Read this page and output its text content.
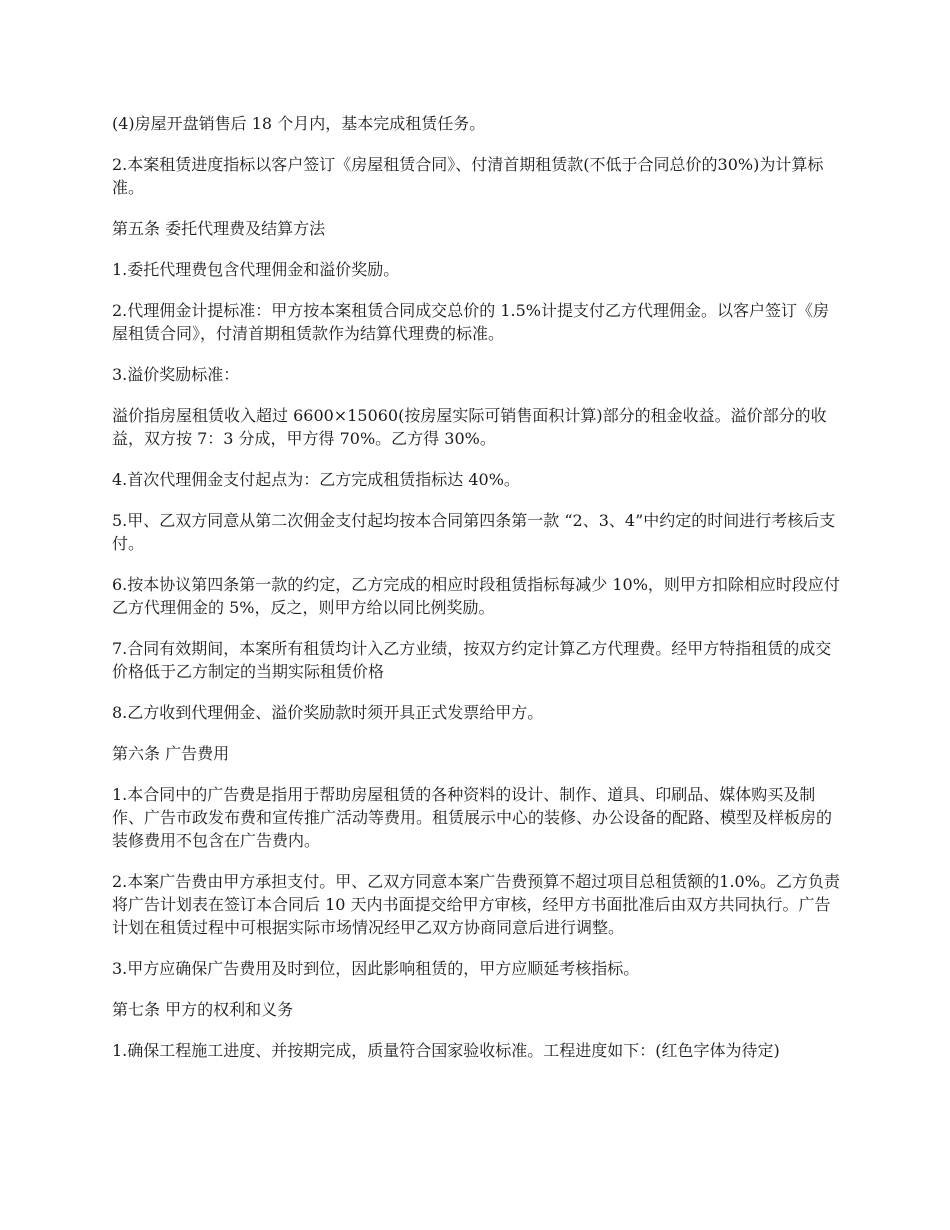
(4)房屋开盘销售后 18 个月内，基本完成租赁任务。

2.本案租赁进度指标以客户签订《房屋租赁合同》、付清首期租赁款(不低于合同总价的30%)为计算标准。

第五条 委托代理费及结算方法

1.委托代理费包含代理佣金和溢价奖励。

2.代理佣金计提标准：甲方按本案租赁合同成交总价的 1.5%计提支付乙方代理佣金。以客户签订《房屋租赁合同》，付清首期租赁款作为结算代理费的标准。

3.溢价奖励标准：

溢价指房屋租赁收入超过 6600×15060(按房屋实际可销售面积计算)部分的租金收益。溢价部分的收益，双方按 7：3 分成，甲方得 70%。乙方得 30%。

4.首次代理佣金支付起点为：乙方完成租赁指标达 40%。

5.甲、乙双方同意从第二次佣金支付起均按本合同第四条第一款 “2、3、4”中约定的时间进行考核后支付。

6.按本协议第四条第一款的约定，乙方完成的相应时段租赁指标每减少 10%，则甲方扣除相应时段应付乙方代理佣金的 5%，反之，则甲方给以同比例奖励。

7.合同有效期间，本案所有租赁均计入乙方业绩，按双方约定计算乙方代理费。经甲方特指租赁的成交价格低于乙方制定的当期实际租赁价格

8.乙方收到代理佣金、溢价奖励款时须开具正式发票给甲方。

第六条 广告费用

1.本合同中的广告费是指用于帮助房屋租赁的各种资料的设计、制作、道具、印刷品、媒体购买及制作、广告市政发布费和宣传推广活动等费用。租赁展示中心的装修、办公设备的配路、模型及样板房的装修费用不包含在广告费内。

2.本案广告费由甲方承担支付。甲、乙双方同意本案广告费预算不超过项目总租赁额的1.0%。乙方负责将广告计划表在签订本合同后 10 天内书面提交给甲方审核，经甲方书面批准后由双方共同执行。广告计划在租赁过程中可根据实际市场情况经甲乙双方协商同意后进行调整。

3.甲方应确保广告费用及时到位，因此影响租赁的，甲方应顺延考核指标。

第七条 甲方的权利和义务

1.确保工程施工进度、并按期完成，质量符合国家验收标准。工程进度如下：(红色字体为待定)
